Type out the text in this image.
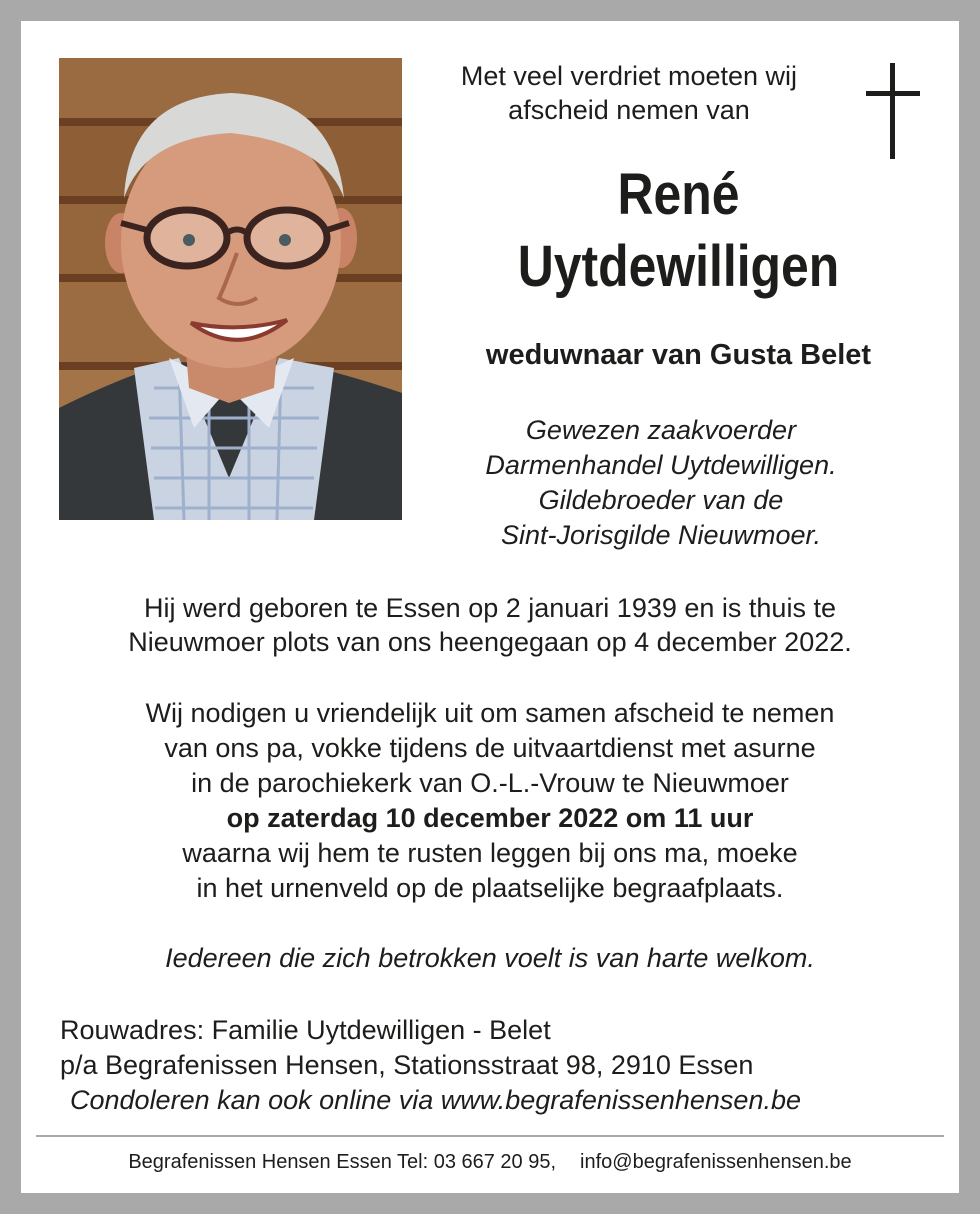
Met veel verdriet moeten wij
afscheid nemen van
René
Uytdewilligen
weduwnaar van Gusta Belet
Gewezen zaakvoerder
Darmenhandel Uytdewilligen.
Gildebroeder van de
Sint-Jorisgilde Nieuwmoer.
Hij werd geboren te Essen op 2 januari 1939 en is thuis te
Nieuwmoer plots van ons heengegaan op 4 december 2022.
Wij nodigen u vriendelijk uit om samen afscheid te nemen
van ons pa, vokke tijdens de uitvaartdienst met asurne
in de parochiekerk van O.-L.-Vrouw te Nieuwmoer
op zaterdag 10 december 2022 om 11 uur
waarna wij hem te rusten leggen bij ons ma, moeke
in het urnenveld op de plaatselijke begraafplaats.
Iedereen die zich betrokken voelt is van harte welkom.
Rouwadres: Familie Uytdewilligen - Belet
p/a Begrafenissen Hensen, Stationsstraat 98, 2910 Essen
Condoleren kan ook online via www.begrafenissenhensen.be
Begrafenissen Hensen Essen Tel: 03 667 20 95, info@begrafenissenhensen.be
